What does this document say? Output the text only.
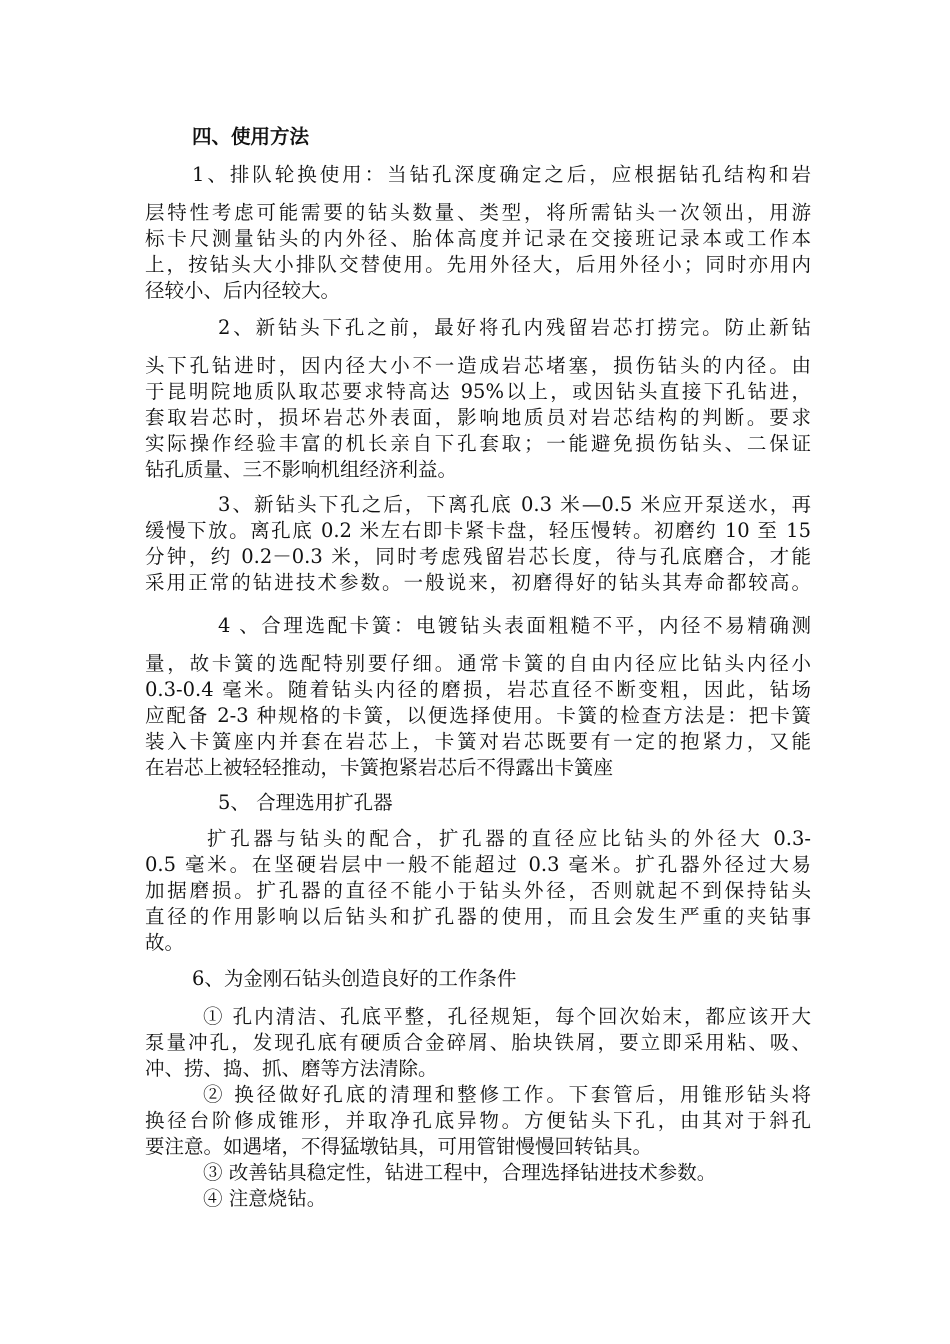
四、使用方法
1、排队轮换使用：当钻孔深度确定之后，应根据钻孔结构和岩
层特性考虑可能需要的钻头数量、类型，将所需钻头一次领出，用游
标卡尺测量钻头的内外径、胎体高度并记录在交接班记录本或工作本
上，按钻头大小排队交替使用。先用外径大，后用外径小；同时亦用内
径较小、后内径较大。
2、新钻头下孔之前，最好将孔内残留岩芯打捞完。防止新钻
头下孔钻进时，因内径大小不一造成岩芯堵塞，损伤钻头的内径。由
于昆明院地质队取芯要求特高达 95%以上，或因钻头直接下孔钻进，
套取岩芯时，损坏岩芯外表面，影响地质员对岩芯结构的判断。要求
实际操作经验丰富的机长亲自下孔套取；一能避免损伤钻头、二保证
钻孔质量、三不影响机组经济利益。
3、新钻头下孔之后，下离孔底 0.3 米—0.5 米应开泵送水，再
缓慢下放。离孔底 0.2 米左右即卡紧卡盘，轻压慢转。初磨约 10 至 15
分钟，约 0.2－0.3 米，同时考虑残留岩芯长度，待与孔底磨合，才能
采用正常的钻进技术参数。一般说来，初磨得好的钻头其寿命都较高。
4 、合理选配卡簧：电镀钻头表面粗糙不平，内径不易精确测
量，故卡簧的选配特别要仔细。通常卡簧的自由内径应比钻头内径小
0.3-0.4 毫米。随着钻头内径的磨损，岩芯直径不断变粗，因此，钻场
应配备 2-3 种规格的卡簧，以便选择使用。卡簧的检查方法是：把卡簧
装入卡簧座内并套在岩芯上，卡簧对岩芯既要有一定的抱紧力，又能
在岩芯上被轻轻推动，卡簧抱紧岩芯后不得露出卡簧座
5、 合理选用扩孔器
扩孔器与钻头的配合，扩孔器的直径应比钻头的外径大 0.3-
0.5 毫米。在坚硬岩层中一般不能超过 0.3 毫米。扩孔器外径过大易
加据磨损。扩孔器的直径不能小于钻头外径，否则就起不到保持钻头
直径的作用影响以后钻头和扩孔器的使用，而且会发生严重的夹钻事
故。
6、为金刚石钻头创造良好的工作条件
① 孔内清洁、孔底平整，孔径规矩，每个回次始末，都应该开大
泵量冲孔，发现孔底有硬质合金碎屑、胎块铁屑，要立即采用粘、吸、
冲、捞、捣、抓、磨等方法清除。
② 换径做好孔底的清理和整修工作。下套管后，用锥形钻头将
换径台阶修成锥形，并取净孔底异物。方便钻头下孔，由其对于斜孔
要注意。如遇堵，不得猛墩钻具，可用管钳慢慢回转钻具。
③ 改善钻具稳定性，钻进工程中，合理选择钻进技术参数。
④ 注意烧钻。
